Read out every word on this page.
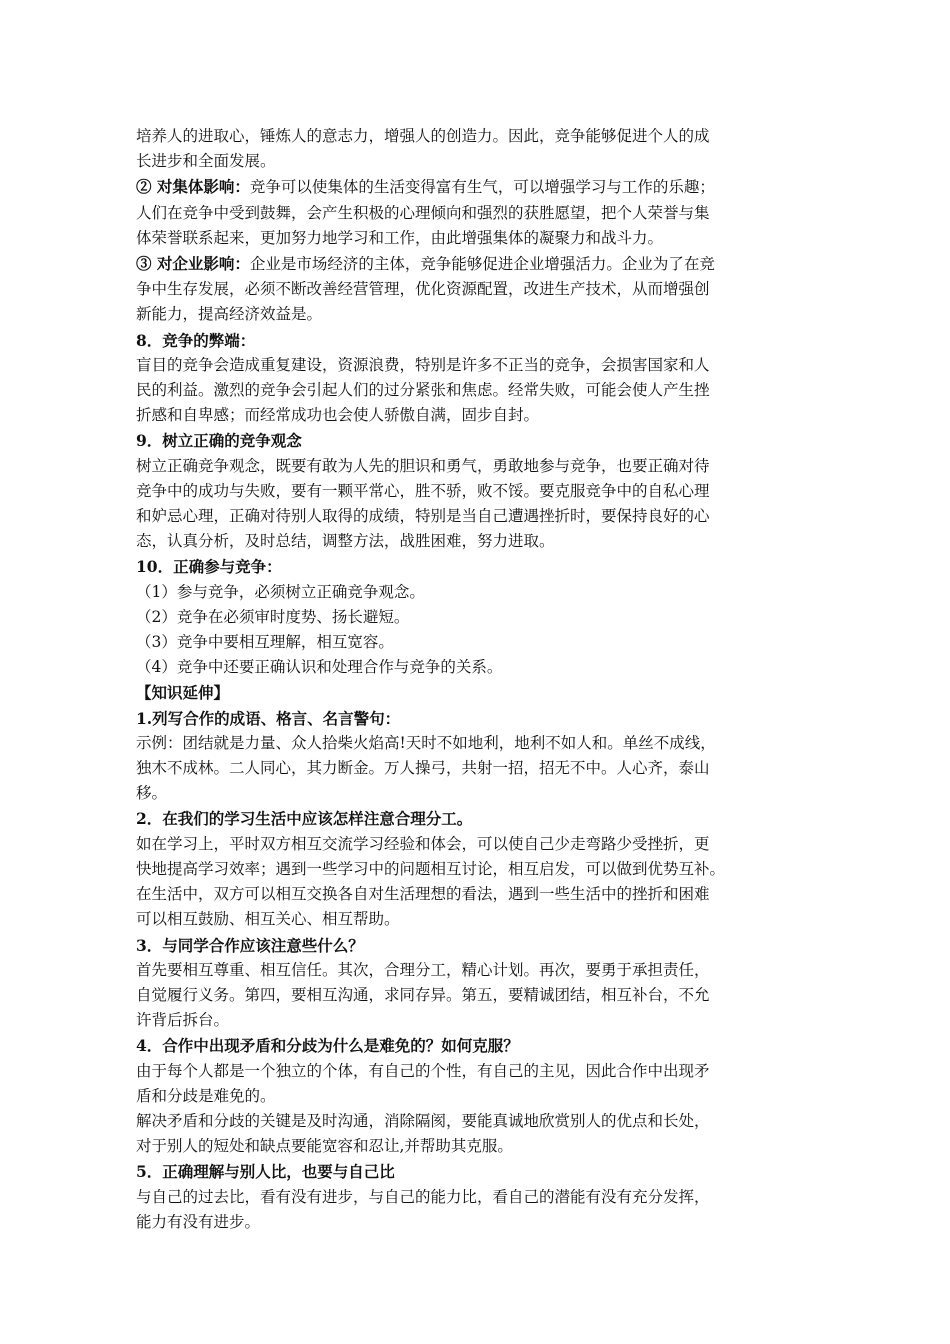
培养人的进取心，锤炼人的意志力，增强人的创造力。因此，竞争能够促进个人的成
长进步和全面发展。
② 对集体影响：竞争可以使集体的生活变得富有生气，可以增强学习与工作的乐趣；
人们在竞争中受到鼓舞，会产生积极的心理倾向和强烈的获胜愿望，把个人荣誉与集
体荣誉联系起来，更加努力地学习和工作，由此增强集体的凝聚力和战斗力。
③ 对企业影响：企业是市场经济的主体，竞争能够促进企业增强活力。企业为了在竞
争中生存发展，必须不断改善经营管理，优化资源配置，改进生产技术，从而增强创
新能力，提高经济效益是。
8．竞争的弊端：
盲目的竞争会造成重复建设，资源浪费，特别是许多不正当的竞争，会损害国家和人
民的利益。激烈的竞争会引起人们的过分紧张和焦虑。经常失败，可能会使人产生挫
折感和自卑感；而经常成功也会使人骄傲自满，固步自封。
9．树立正确的竞争观念
树立正确竞争观念，既要有敢为人先的胆识和勇气，勇敢地参与竞争，也要正确对待
竞争中的成功与失败，要有一颗平常心，胜不骄，败不馁。要克服竞争中的自私心理
和妒忌心理，正确对待别人取得的成绩，特别是当自己遭遇挫折时，要保持良好的心
态，认真分析，及时总结，调整方法，战胜困难，努力进取。
10．正确参与竞争：
（1）参与竞争，必须树立正确竞争观念。
（2）竞争在必须审时度势、扬长避短。
（3）竞争中要相互理解，相互宽容。
（4）竞争中还要正确认识和处理合作与竞争的关系。
【知识延伸】
1.列写合作的成语、格言、名言警句：
示例：团结就是力量、众人拾柴火焰高!天时不如地利，地利不如人和。单丝不成线，
独木不成林。二人同心，其力断金。万人操弓，共射一招，招无不中。人心齐，泰山
移。
2．在我们的学习生活中应该怎样注意合理分工。
如在学习上，平时双方相互交流学习经验和体会，可以使自己少走弯路少受挫折，更
快地提高学习效率；遇到一些学习中的问题相互讨论，相互启发，可以做到优势互补。
在生活中，双方可以相互交换各自对生活理想的看法，遇到一些生活中的挫折和困难
可以相互鼓励、相互关心、相互帮助。
3．与同学合作应该注意些什么？
首先要相互尊重、相互信任。其次，合理分工，精心计划。再次，要勇于承担责任，
自觉履行义务。第四，要相互沟通，求同存异。第五，要精诚团结，相互补台，不允
许背后拆台。
4．合作中出现矛盾和分歧为什么是难免的？如何克服？
由于每个人都是一个独立的个体，有自己的个性，有自己的主见，因此合作中出现矛
盾和分歧是难免的。
解决矛盾和分歧的关键是及时沟通，消除隔阂，要能真诚地欣赏别人的优点和长处，
对于别人的短处和缺点要能宽容和忍让,并帮助其克服。
5．正确理解与别人比，也要与自己比
与自己的过去比，看有没有进步，与自己的能力比，看自己的潜能有没有充分发挥，
能力有没有进步。
